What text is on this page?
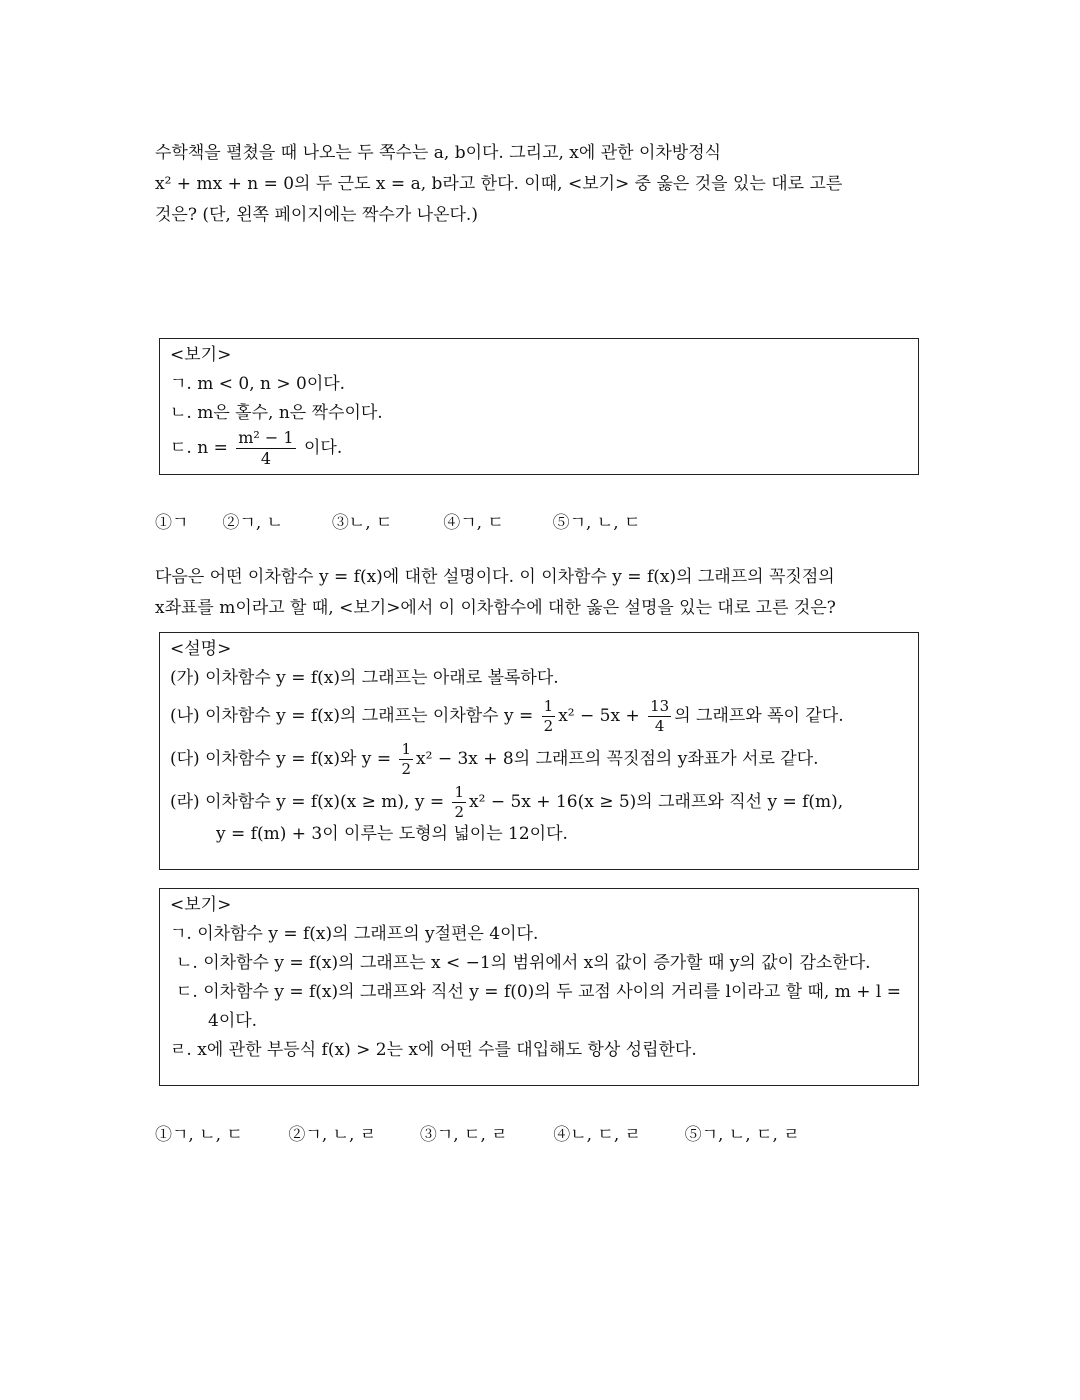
수학책을 펼쳤을 때 나오는 두 쪽수는 a, b이다. 그리고, x에 관한 이차방정식
x² + mx + n = 0의 두 근도 x = a, b라고 한다. 이때, <보기> 중 옳은 것을 있는 대로 고른
것은? (단, 왼쪽 페이지에는 짝수가 나온다.)
<보기>
ㄱ. m < 0, n > 0이다.
ㄴ. m은 홀수, n은 짝수이다.
ㄷ. $n = \frac{\text{m² − 1}}{4}$ 이다.
①ㄱ ②ㄱ, ㄴ	③ㄴ, ㄷ	④ㄱ, ㄷ	⑤ㄱ, ㄴ, ㄷ
다음은 어떤 이차함수 y = f(x)에 대한 설명이다. 이 이차함수 y = f(x)의 그래프의 꼭짓점의
x좌표를 m이라고 할 때, <보기>에서 이 이차함수에 대한 옳은 설명을 있는 대로 고른 것은?
<설명>
(가) 이차함수 y = f(x)의 그래프는 아래로 볼록하다.
(나) 이차함수 y = f(x)의 그래프는 이차함수 $y = \frac{1}{2} x^2 - 5x + \frac{13}{4}$ 의 그래프와 폭이 같다.
(다) 이차함수 y = f(x)와 $y = \frac{1}{2} x^2 - 3x + 8$의 그래프의 꼭짓점의 y좌표가 서로 같다.
(라) 이차함수 y = f(x)(x ≥ m), $y = \frac{1}{2} x^2 - 5x + 16(x \ge 5)$의 그래프와 직선 y = f(m),
y = f(m) + 3이 이루는 도형의 넓이는 12이다.
<보기>
ㄱ. 이차함수 y = f(x)의 그래프의 y절편은 4이다.
ㄴ. 이차함수 y = f(x)의 그래프는 x < −1의 범위에서 x의 값이 증가할 때 y의 값이 감소한다.
ㄷ. 이차함수 y = f(x)의 그래프와 직선 y = f(0)의 두 교점 사이의 거리를 l이라고 할 때, m + l = 4이다.
ㄹ. x에 관한 부등식 f(x) > 2는 x에 어떤 수를 대입해도 항상 성립한다.
①ㄱ, ㄴ, ㄷ	②ㄱ, ㄴ, ㄹ	③ㄱ, ㄷ, ㄹ	④ㄴ, ㄷ, ㄹ	⑤ㄱ, ㄴ, ㄷ, ㄹ
